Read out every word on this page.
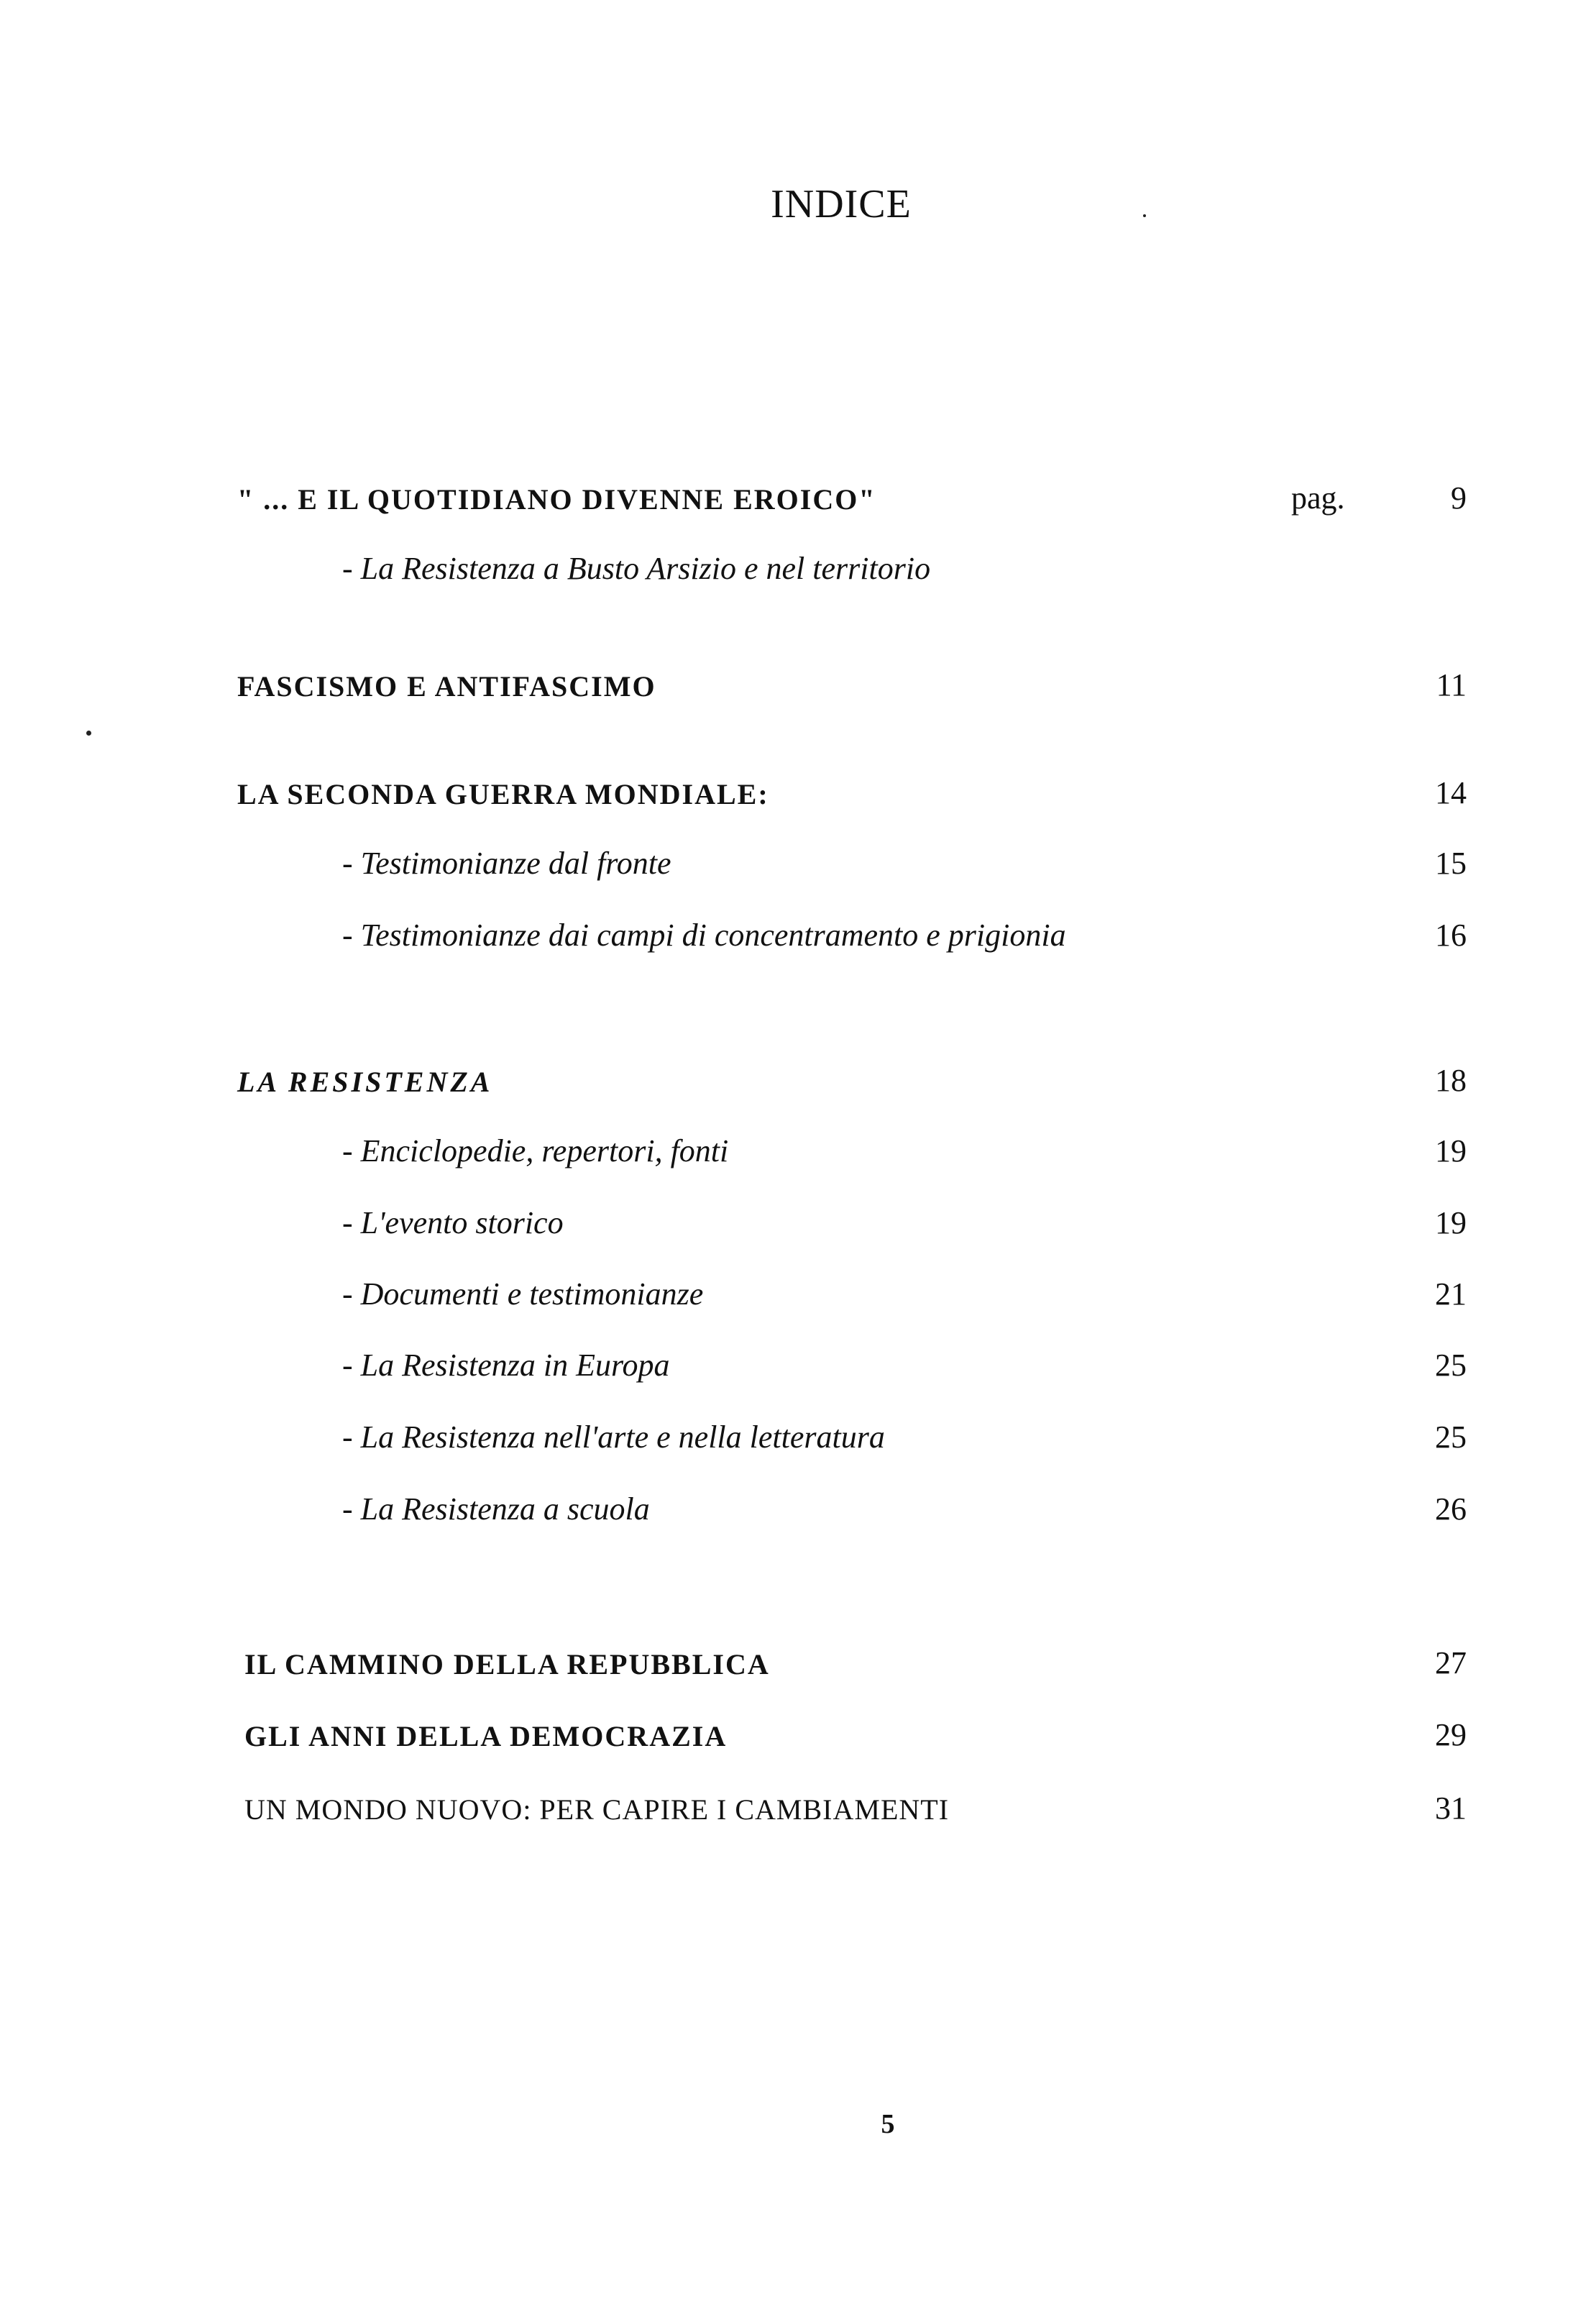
INDICE
" ... E IL QUOTIDIANO DIVENNE EROICO"	pag.	9
- La Resistenza a Busto Arsizio e nel territorio
FASCISMO E ANTIFASCIMO	11
LA SECONDA GUERRA MONDIALE:	14
- Testimonianze dal fronte	15
- Testimonianze dai campi di concentramento e prigionia	16
LA RESISTENZA	18
- Enciclopedie, repertori, fonti	19
- L'evento storico	19
- Documenti e testimonianze	21
- La Resistenza in Europa	25
- La Resistenza nell'arte e nella letteratura	25
- La Resistenza a scuola	26
IL CAMMINO DELLA REPUBBLICA	27
GLI ANNI DELLA DEMOCRAZIA	29
UN MONDO NUOVO: PER CAPIRE I CAMBIAMENTI	31
5
